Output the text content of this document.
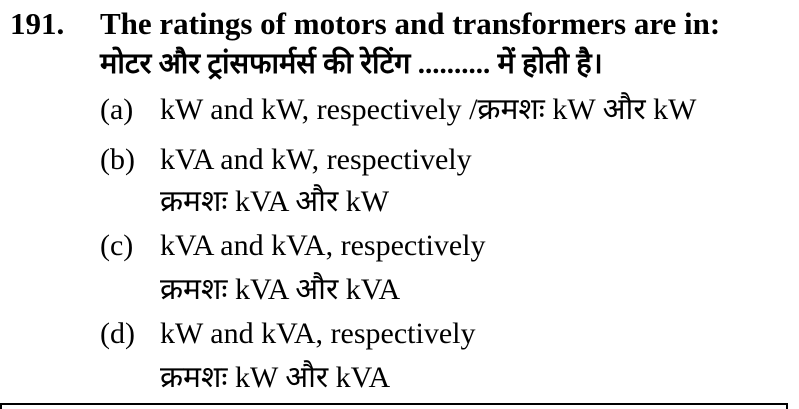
191. The ratings of motors and transformers are in:
मोटर और ट्रांसफार्मर्स की रेटिंग .......... में होती है।
(a) kW and kW, respectively /क्रमशः kW और kW
(b) kVA and kW, respectively
क्रमशः kVA और kW
(c) kVA and kVA, respectively
क्रमशः kVA और kVA
(d) kW and kVA, respectively
क्रमशः kW और kVA
